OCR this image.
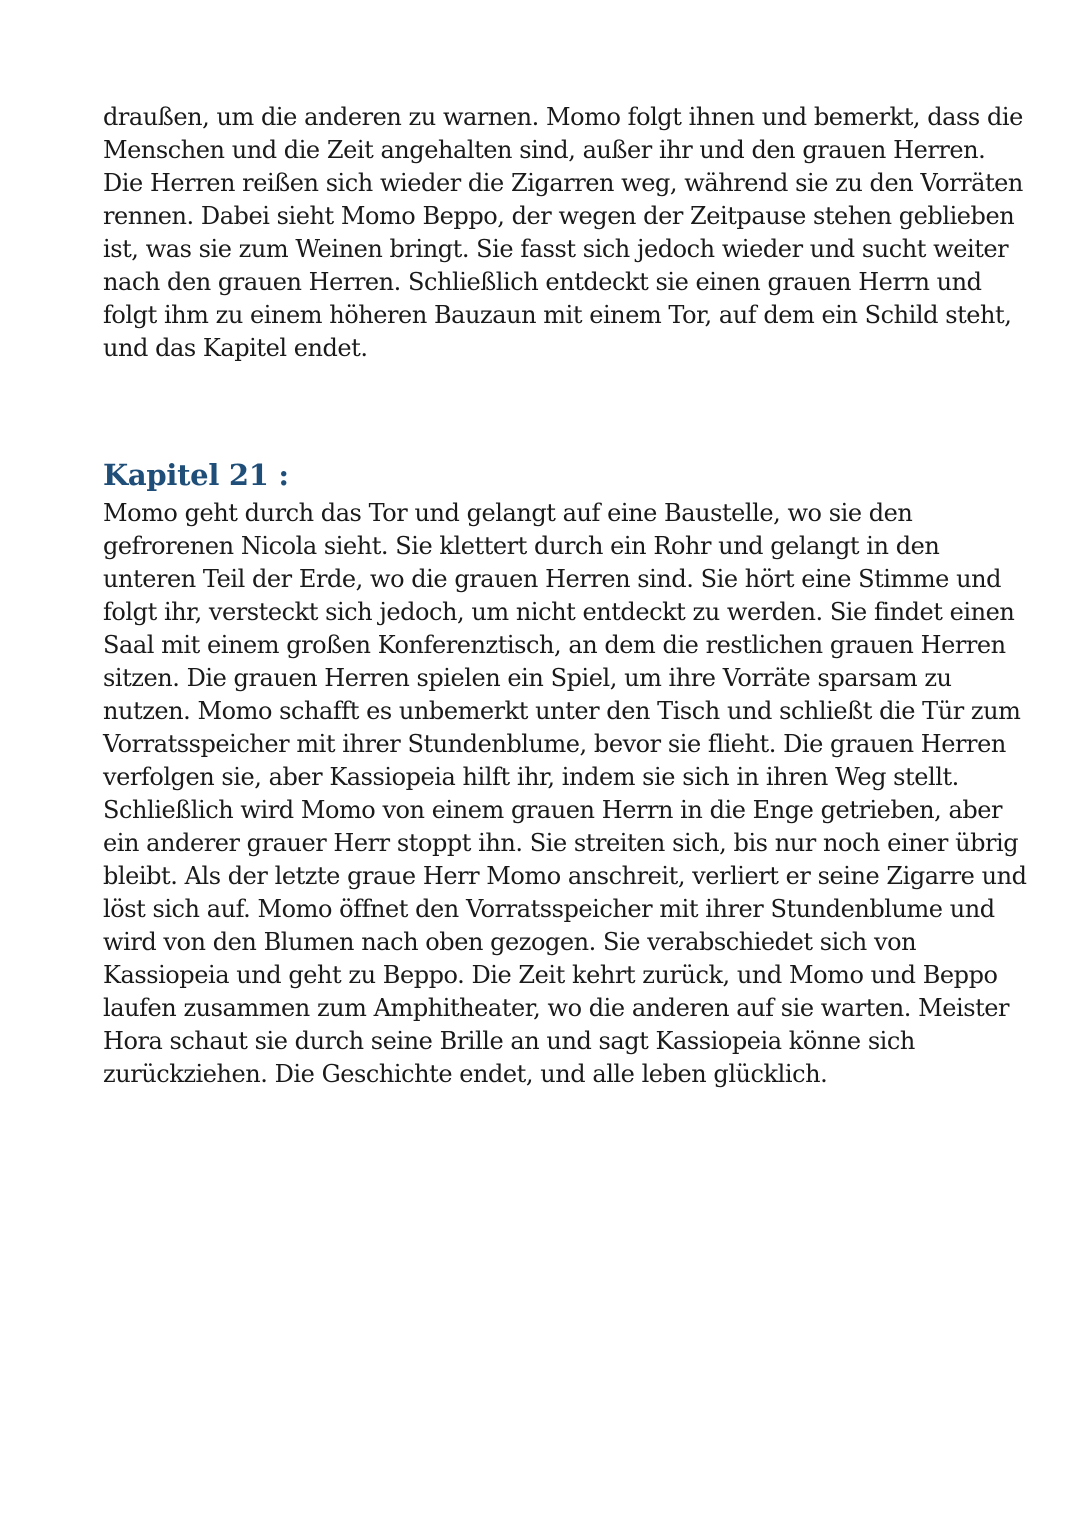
draußen, um die anderen zu warnen. Momo folgt ihnen und bemerkt, dass die
Menschen und die Zeit angehalten sind, außer ihr und den grauen Herren.
Die Herren reißen sich wieder die Zigarren weg, während sie zu den Vorräten
rennen. Dabei sieht Momo Beppo, der wegen der Zeitpause stehen geblieben
ist, was sie zum Weinen bringt. Sie fasst sich jedoch wieder und sucht weiter
nach den grauen Herren. Schließlich entdeckt sie einen grauen Herrn und
folgt ihm zu einem höheren Bauzaun mit einem Tor, auf dem ein Schild steht,
und das Kapitel endet.

Kapitel 21 :

Momo geht durch das Tor und gelangt auf eine Baustelle, wo sie den
gefrorenen Nicola sieht. Sie klettert durch ein Rohr und gelangt in den
unteren Teil der Erde, wo die grauen Herren sind. Sie hört eine Stimme und
folgt ihr, versteckt sich jedoch, um nicht entdeckt zu werden. Sie findet einen
Saal mit einem großen Konferenztisch, an dem die restlichen grauen Herren
sitzen. Die grauen Herren spielen ein Spiel, um ihre Vorräte sparsam zu
nutzen. Momo schafft es unbemerkt unter den Tisch und schließt die Tür zum
Vorratsspeicher mit ihrer Stundenblume, bevor sie flieht. Die grauen Herren
verfolgen sie, aber Kassiopeia hilft ihr, indem sie sich in ihren Weg stellt.
Schließlich wird Momo von einem grauen Herrn in die Enge getrieben, aber
ein anderer grauer Herr stoppt ihn. Sie streiten sich, bis nur noch einer übrig
bleibt. Als der letzte graue Herr Momo anschreit, verliert er seine Zigarre und
löst sich auf. Momo öffnet den Vorratsspeicher mit ihrer Stundenblume und
wird von den Blumen nach oben gezogen. Sie verabschiedet sich von
Kassiopeia und geht zu Beppo. Die Zeit kehrt zurück, und Momo und Beppo
laufen zusammen zum Amphitheater, wo die anderen auf sie warten. Meister
Hora schaut sie durch seine Brille an und sagt Kassiopeia könne sich
zurückziehen. Die Geschichte endet, und alle leben glücklich.
